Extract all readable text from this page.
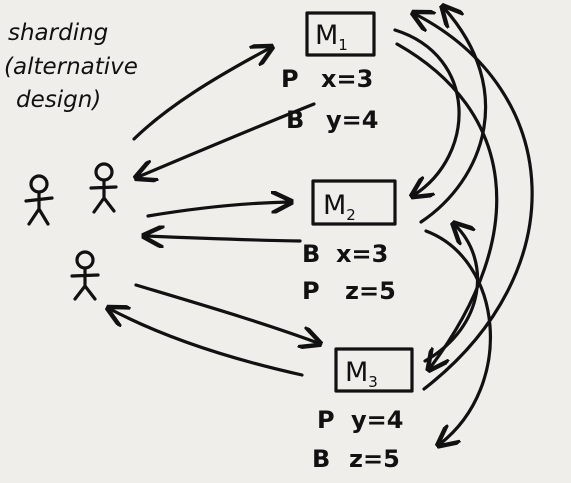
sharding
(alternative
design)
$M_1$
P x=3
B y=4
$M_2$
B x=3
P z=5
$M_3$
P y=4
B z=5
